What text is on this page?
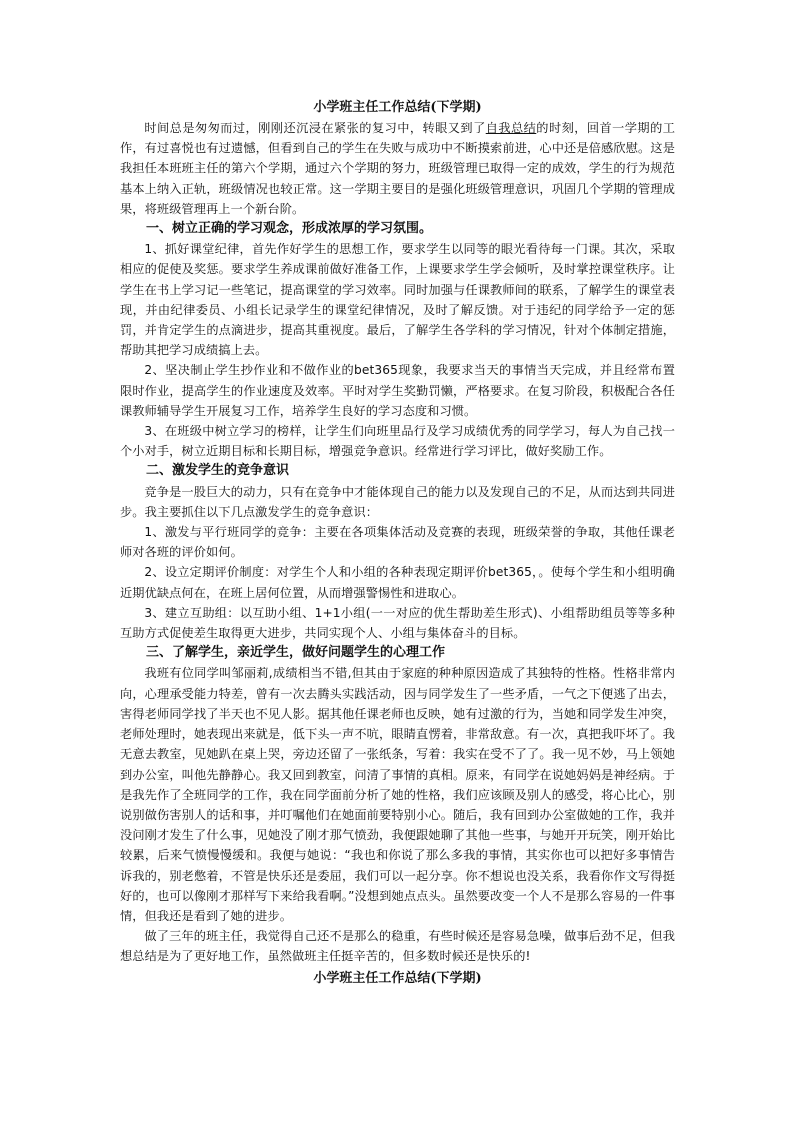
小学班主任工作总结(下学期)

时间总是匆匆而过，刚刚还沉浸在紧张的复习中，转眼又到了自我总结的时刻，回首一学期的工作，有过喜悦也有过遗憾，但看到自己的学生在失败与成功中不断摸索前进，心中还是倍感欣慰。这是我担任本班班主任的第六个学期，通过六个学期的努力，班级管理已取得一定的成效，学生的行为规范基本上纳入正轨，班级情况也较正常。这一学期主要目的是强化班级管理意识，巩固几个学期的管理成果，将班级管理再上一个新台阶。

一、树立正确的学习观念，形成浓厚的学习氛围。

1、抓好课堂纪律，首先作好学生的思想工作，要求学生以同等的眼光看待每一门课。其次，采取相应的促使及奖惩。要求学生养成课前做好准备工作，上课要求学生学会倾听，及时掌控课堂秩序。让学生在书上学习记一些笔记，提高课堂的学习效率。同时加强与任课教师间的联系，了解学生的课堂表现，并由纪律委员、小组长记录学生的课堂纪律情况，及时了解反馈。对于违纪的同学给予一定的惩罚，并肯定学生的点滴进步，提高其重视度。最后，了解学生各学科的学习情况，针对个体制定措施，帮助其把学习成绩搞上去。

2、坚决制止学生抄作业和不做作业的bet365现象，我要求当天的事情当天完成，并且经常布置限时作业，提高学生的作业速度及效率。平时对学生奖勤罚懒，严格要求。在复习阶段，积极配合各任课教师辅导学生开展复习工作，培养学生良好的学习态度和习惯。

3、在班级中树立学习的榜样，让学生们向班里品行及学习成绩优秀的同学学习，每人为自己找一个小对手，树立近期目标和长期目标，增强竞争意识。经常进行学习评比，做好奖励工作。

二、激发学生的竞争意识

竞争是一股巨大的动力，只有在竞争中才能体现自己的能力以及发现自己的不足，从而达到共同进步。我主要抓住以下几点激发学生的竞争意识：

1、激发与平行班同学的竞争：主要在各项集体活动及竞赛的表现，班级荣誉的争取，其他任课老师对各班的评价如何。

2、设立定期评价制度：对学生个人和小组的各种表现定期评价bet365，。使每个学生和小组明确近期优缺点何在，在班上居何位置，从而增强警惕性和进取心。

3、建立互助组：以互助小组、1+1小组(一一对应的优生帮助差生形式)、小组帮助组员等等多种互助方式促使差生取得更大进步，共同实现个人、小组与集体奋斗的目标。

三、了解学生，亲近学生，做好问题学生的心理工作

我班有位同学叫邹丽莉,成绩相当不错,但其由于家庭的种种原因造成了其独特的性格。性格非常内向，心理承受能力特差，曾有一次去腾头实践活动，因与同学发生了一些矛盾，一气之下便逃了出去，害得老师同学找了半天也不见人影。据其他任课老师也反映，她有过激的行为，当她和同学发生冲突，老师处理时，她表现出来就是，低下头一声不吭，眼睛直愣着，非常敌意。有一次，真把我吓坏了。我无意去教室，见她趴在桌上哭，旁边还留了一张纸条，写着：我实在受不了了。我一见不妙，马上领她到办公室，叫他先静静心。我又回到教室，问清了事情的真相。原来，有同学在说她妈妈是神经病。于是我先作了全班同学的工作，我在同学面前分析了她的性格，我们应该顾及别人的感受，将心比心，别说别做伤害别人的话和事，并叮嘱他们在她面前要特别小心。随后，我有回到办公室做她的工作，我并没问刚才发生了什么事，见她没了刚才那气愤劲，我便跟她聊了其他一些事，与她开开玩笑，刚开始比较累，后来气愤慢慢缓和。我便与她说：“我也和你说了那么多我的事情，其实你也可以把好多事情告诉我的，别老憋着，不管是快乐还是委屈，我们可以一起分享。你不想说也没关系，我看你作文写得挺好的，也可以像刚才那样写下来给我看啊。”没想到她点点头。虽然要改变一个人不是那么容易的一件事情，但我还是看到了她的进步。

做了三年的班主任，我觉得自己还不是那么的稳重，有些时候还是容易急噪，做事后劲不足，但我想总结是为了更好地工作，虽然做班主任挺辛苦的，但多数时候还是快乐的!

小学班主任工作总结(下学期)
